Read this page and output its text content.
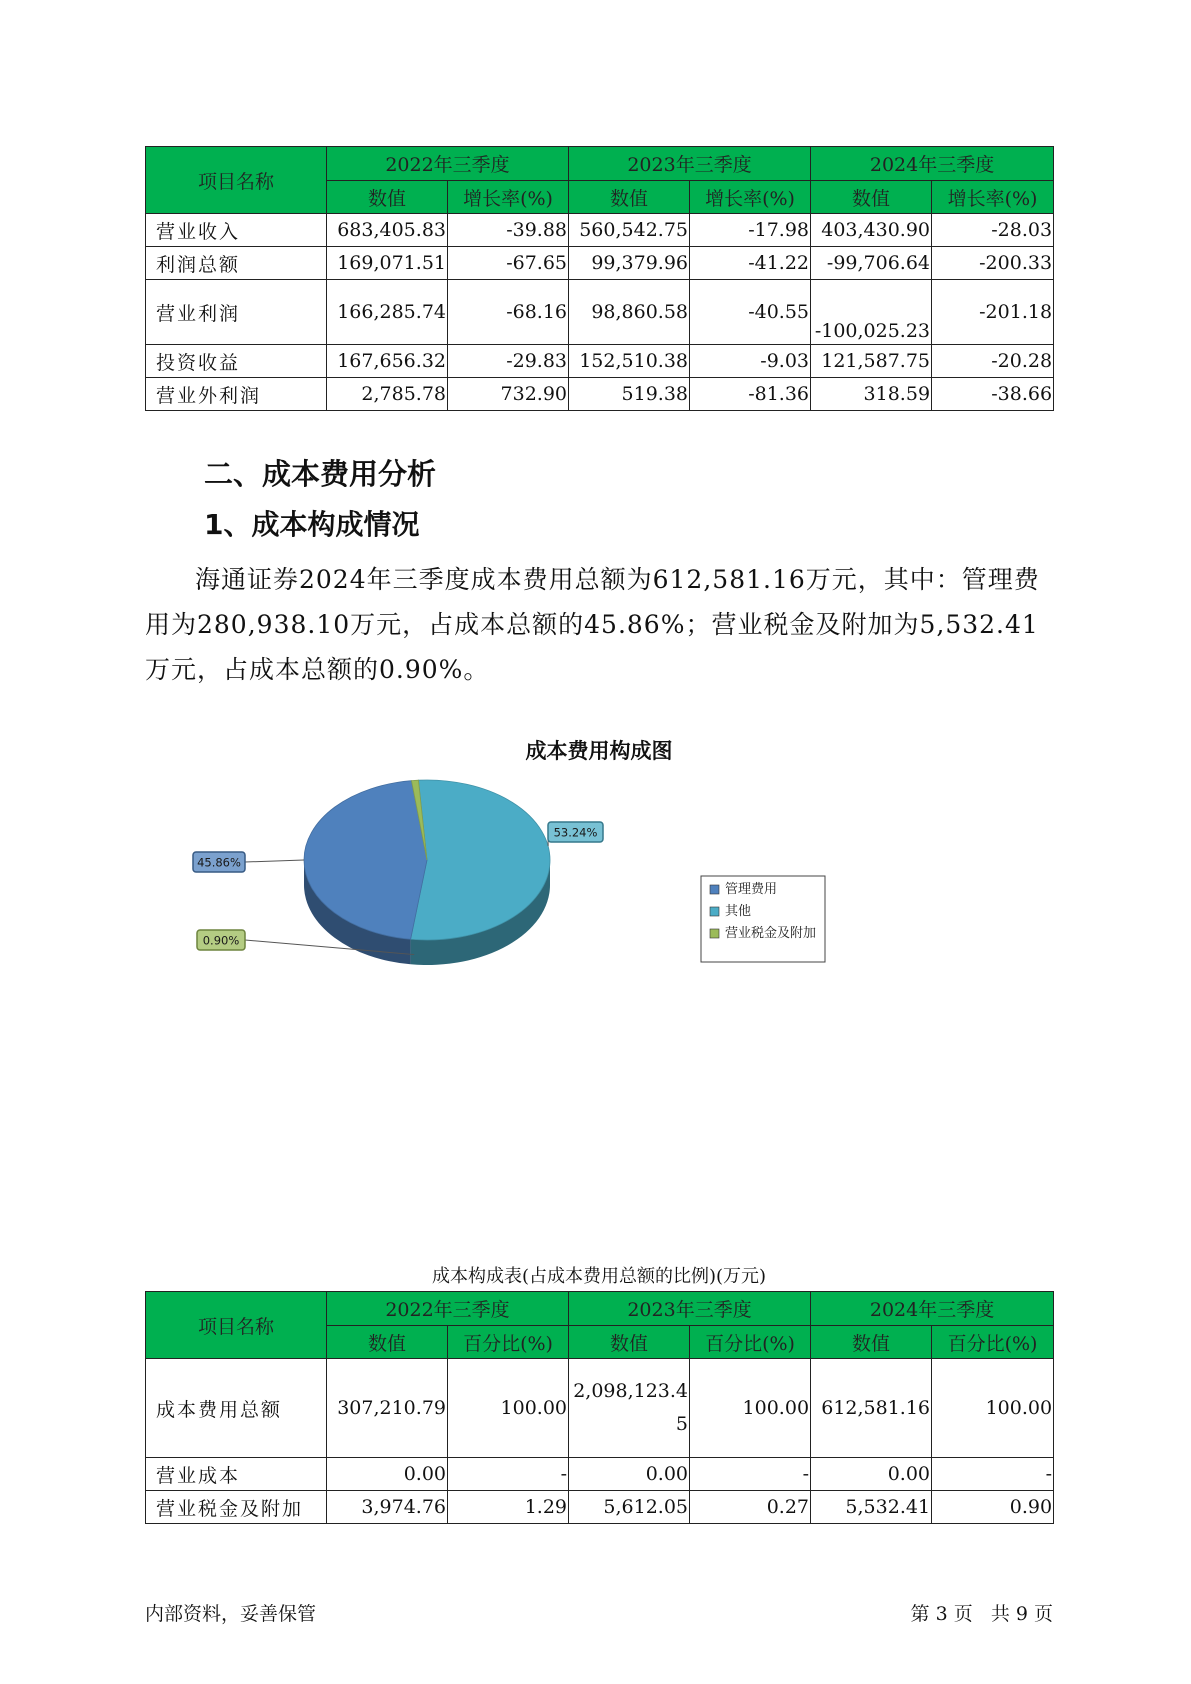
项目名称	2022年三季度		2023年三季度		2024年三季度	
	数值	增长率(%)	数值	增长率(%)	数值	增长率(%)
营业收入	683,405.83	-39.88	560,542.75	-17.98	403,430.90	-28.03
利润总额	169,071.51	-67.65	99,379.96	-41.22	-99,706.64	-200.33
营业利润	166,285.74	-68.16	98,860.58	-40.55	-100,025.23	-201.18
投资收益	167,656.32	-29.83	152,510.38	-9.03	121,587.75	-20.28
营业外利润	2,785.78	732.90	519.38	-81.36	318.59	-38.66
二、成本费用分析
1、成本构成情况

海通证券2024年三季度成本费用总额为612,581.16万元，其中：管理费用为280,938.10万元，占成本总额的45.86%；营业税金及附加为5,532.41万元，占成本总额的0.90%。

成本费用构成图
45.86%
53.24%
0.90%
管理费用
其他
营业税金及附加
成本构成表(占成本费用总额的比例)(万元)
项目名称	2022年三季度		2023年三季度		2024年三季度	
	数值	百分比(%)	数值	百分比(%)	数值	百分比(%)
成本费用总额	307,210.79	100.00	2,098,123.45	100.00	612,581.16	100.00
营业成本	0.00	-	0.00	-	0.00	-
营业税金及附加	3,974.76	1.29	5,612.05	0.27	5,532.41	0.90
内部资料，妥善保管	第 3 页   共 9 页
